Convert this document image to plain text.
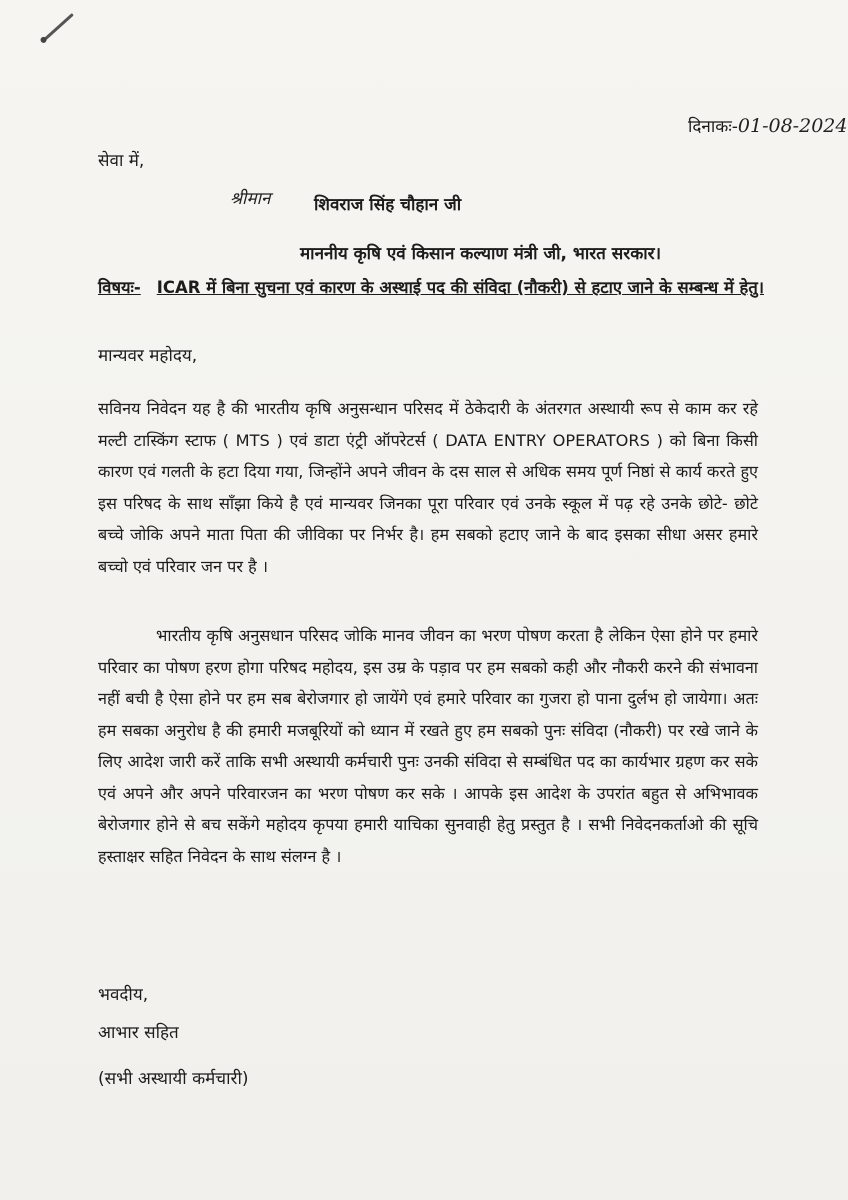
दिनाकः-01-08-2024
सेवा में,
श्रीमान	शिवराज सिंह चौहान जी
माननीय कृषि एवं किसान कल्याण मंत्री जी, भारत सरकार।
विषयः- ICAR में बिना सुचना एवं कारण के अस्थाई पद की संविदा (नौकरी) से हटाए जाने के सम्बन्ध में हेतु।
मान्यवर महोदय,
सविनय निवेदन यह है की भारतीय कृषि अनुसन्धान परिसद में ठेकेदारी के अंतरगत अस्थायी रूप से काम कर रहे मल्टी टास्किंग स्टाफ ( MTS ) एवं डाटा एंट्री ऑपरेटर्स ( DATA ENTRY OPERATORS ) को बिना किसी कारण एवं गलती के हटा दिया गया, जिन्होंने अपने जीवन के दस साल से अधिक समय पूर्ण निष्ठां से कार्य करते हुए इस परिषद के साथ साँझा किये है एवं मान्यवर जिनका पूरा परिवार एवं उनके स्कूल में पढ़ रहे उनके छोटे- छोटे बच्चे जोकि अपने माता पिता की जीविका पर निर्भर है। हम सबको हटाए जाने के बाद इसका सीधा असर हमारे बच्चो एवं परिवार जन पर है ।
भारतीय कृषि अनुसधान परिसद जोकि मानव जीवन का भरण पोषण करता है लेकिन ऐसा होने पर हमारे परिवार का पोषण हरण होगा परिषद महोदय, इस उम्र के पड़ाव पर हम सबको कही और नौकरी करने की संभावना नहीं बची है ऐसा होने पर हम सब बेरोजगार हो जायेंगे एवं हमारे परिवार का गुजरा हो पाना दुर्लभ हो जायेगा। अतः हम सबका अनुरोध है की हमारी मजबूरियों को ध्यान में रखते हुए हम सबको पुनः संविदा (नौकरी) पर रखे जाने के लिए आदेश जारी करें ताकि सभी अस्थायी कर्मचारी पुनः उनकी संविदा से सम्बंधित पद का कार्यभार ग्रहण कर सके एवं अपने और अपने परिवारजन का भरण पोषण कर सके । आपके इस आदेश के उपरांत बहुत से अभिभावक बेरोजगार होने से बच सकेंगे महोदय कृपया हमारी याचिका सुनवाही हेतु प्रस्तुत है । सभी निवेदनकर्ताओ की सूचि हस्ताक्षर सहित निवेदन के साथ संलग्न है ।
भवदीय,
आभार सहित
(सभी अस्थायी कर्मचारी)
